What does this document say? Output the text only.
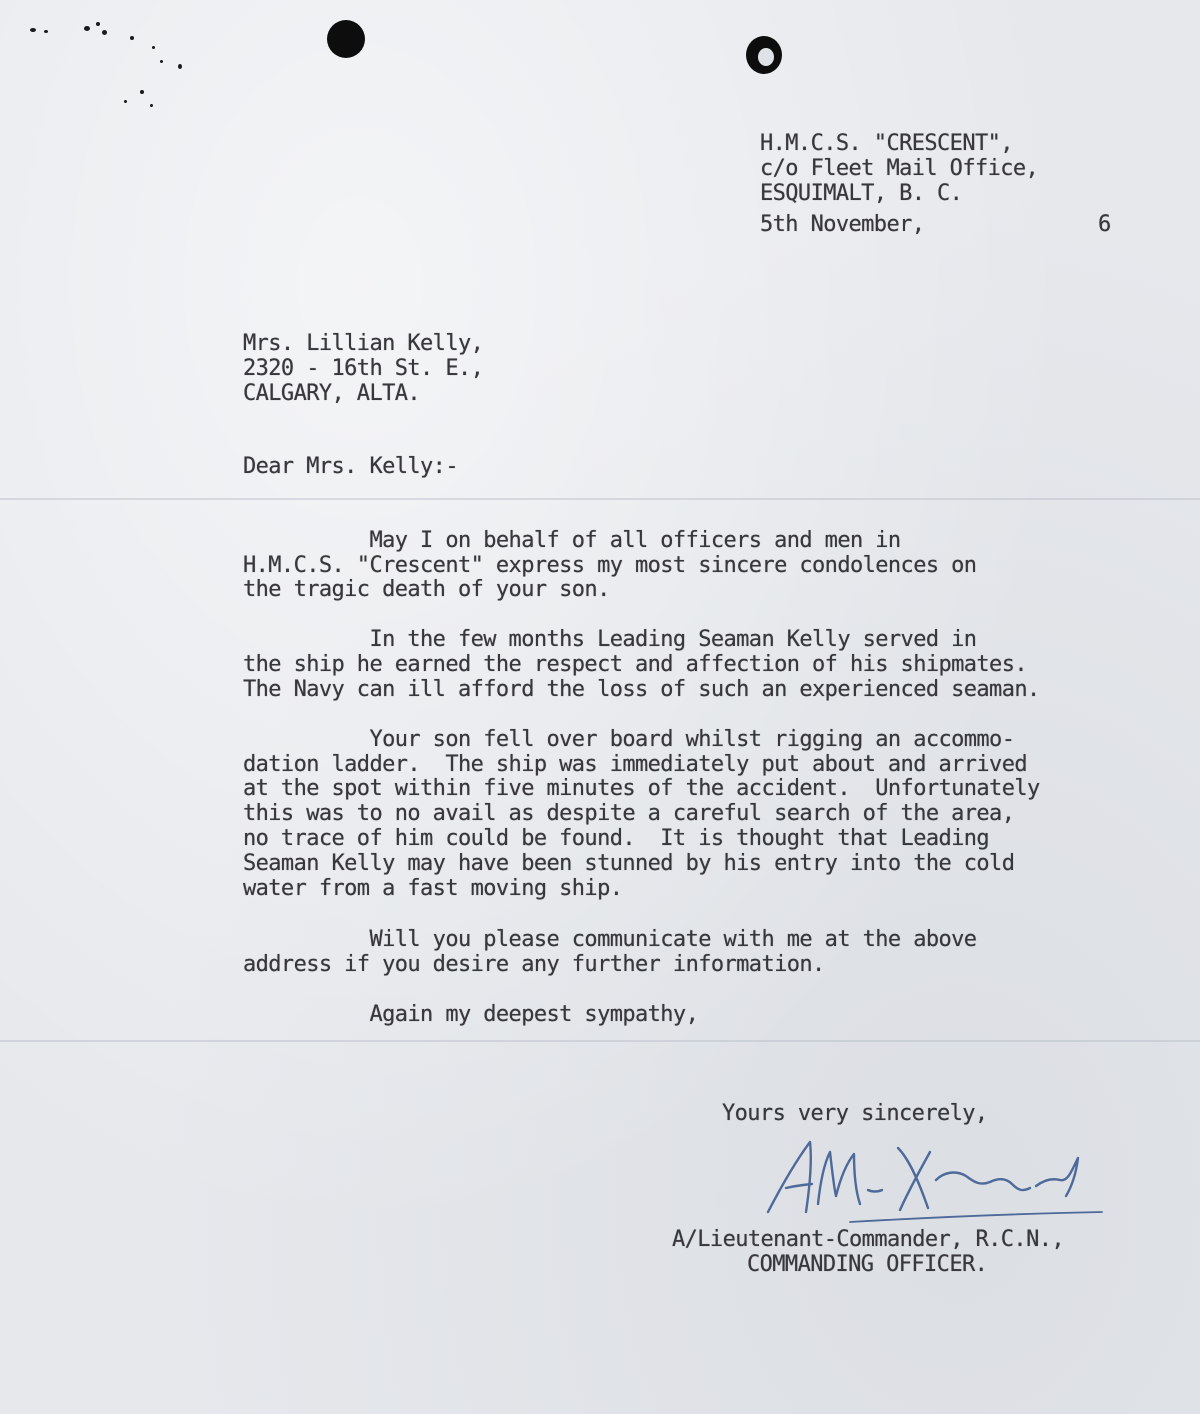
H.M.C.S. "CRESCENT",

c/o Fleet Mail Office,

ESQUIMALT, B. C.

5th November,	6

Mrs. Lillian Kelly,

2320 - 16th St. E.,

CALGARY, ALTA.

Dear Mrs. Kelly:-

May I on behalf of all officers and men in

H.M.C.S. "Crescent" express my most sincere condolences on

the tragic death of your son.

In the few months Leading Seaman Kelly served in

the ship he earned the respect and affection of his shipmates.

The Navy can ill afford the loss of such an experienced seaman.

Your son fell over board whilst rigging an accommo-

dation ladder.  The ship was immediately put about and arrived

at the spot within five minutes of the accident.  Unfortunately

this was to no avail as despite a careful search of the area,

no trace of him could be found.  It is thought that Leading

Seaman Kelly may have been stunned by his entry into the cold

water from a fast moving ship.

Will you please communicate with me at the above

address if you desire any further information.

Again my deepest sympathy,

Yours very sincerely,

A/Lieutenant-Commander, R.C.N.,

COMMANDING OFFICER.
